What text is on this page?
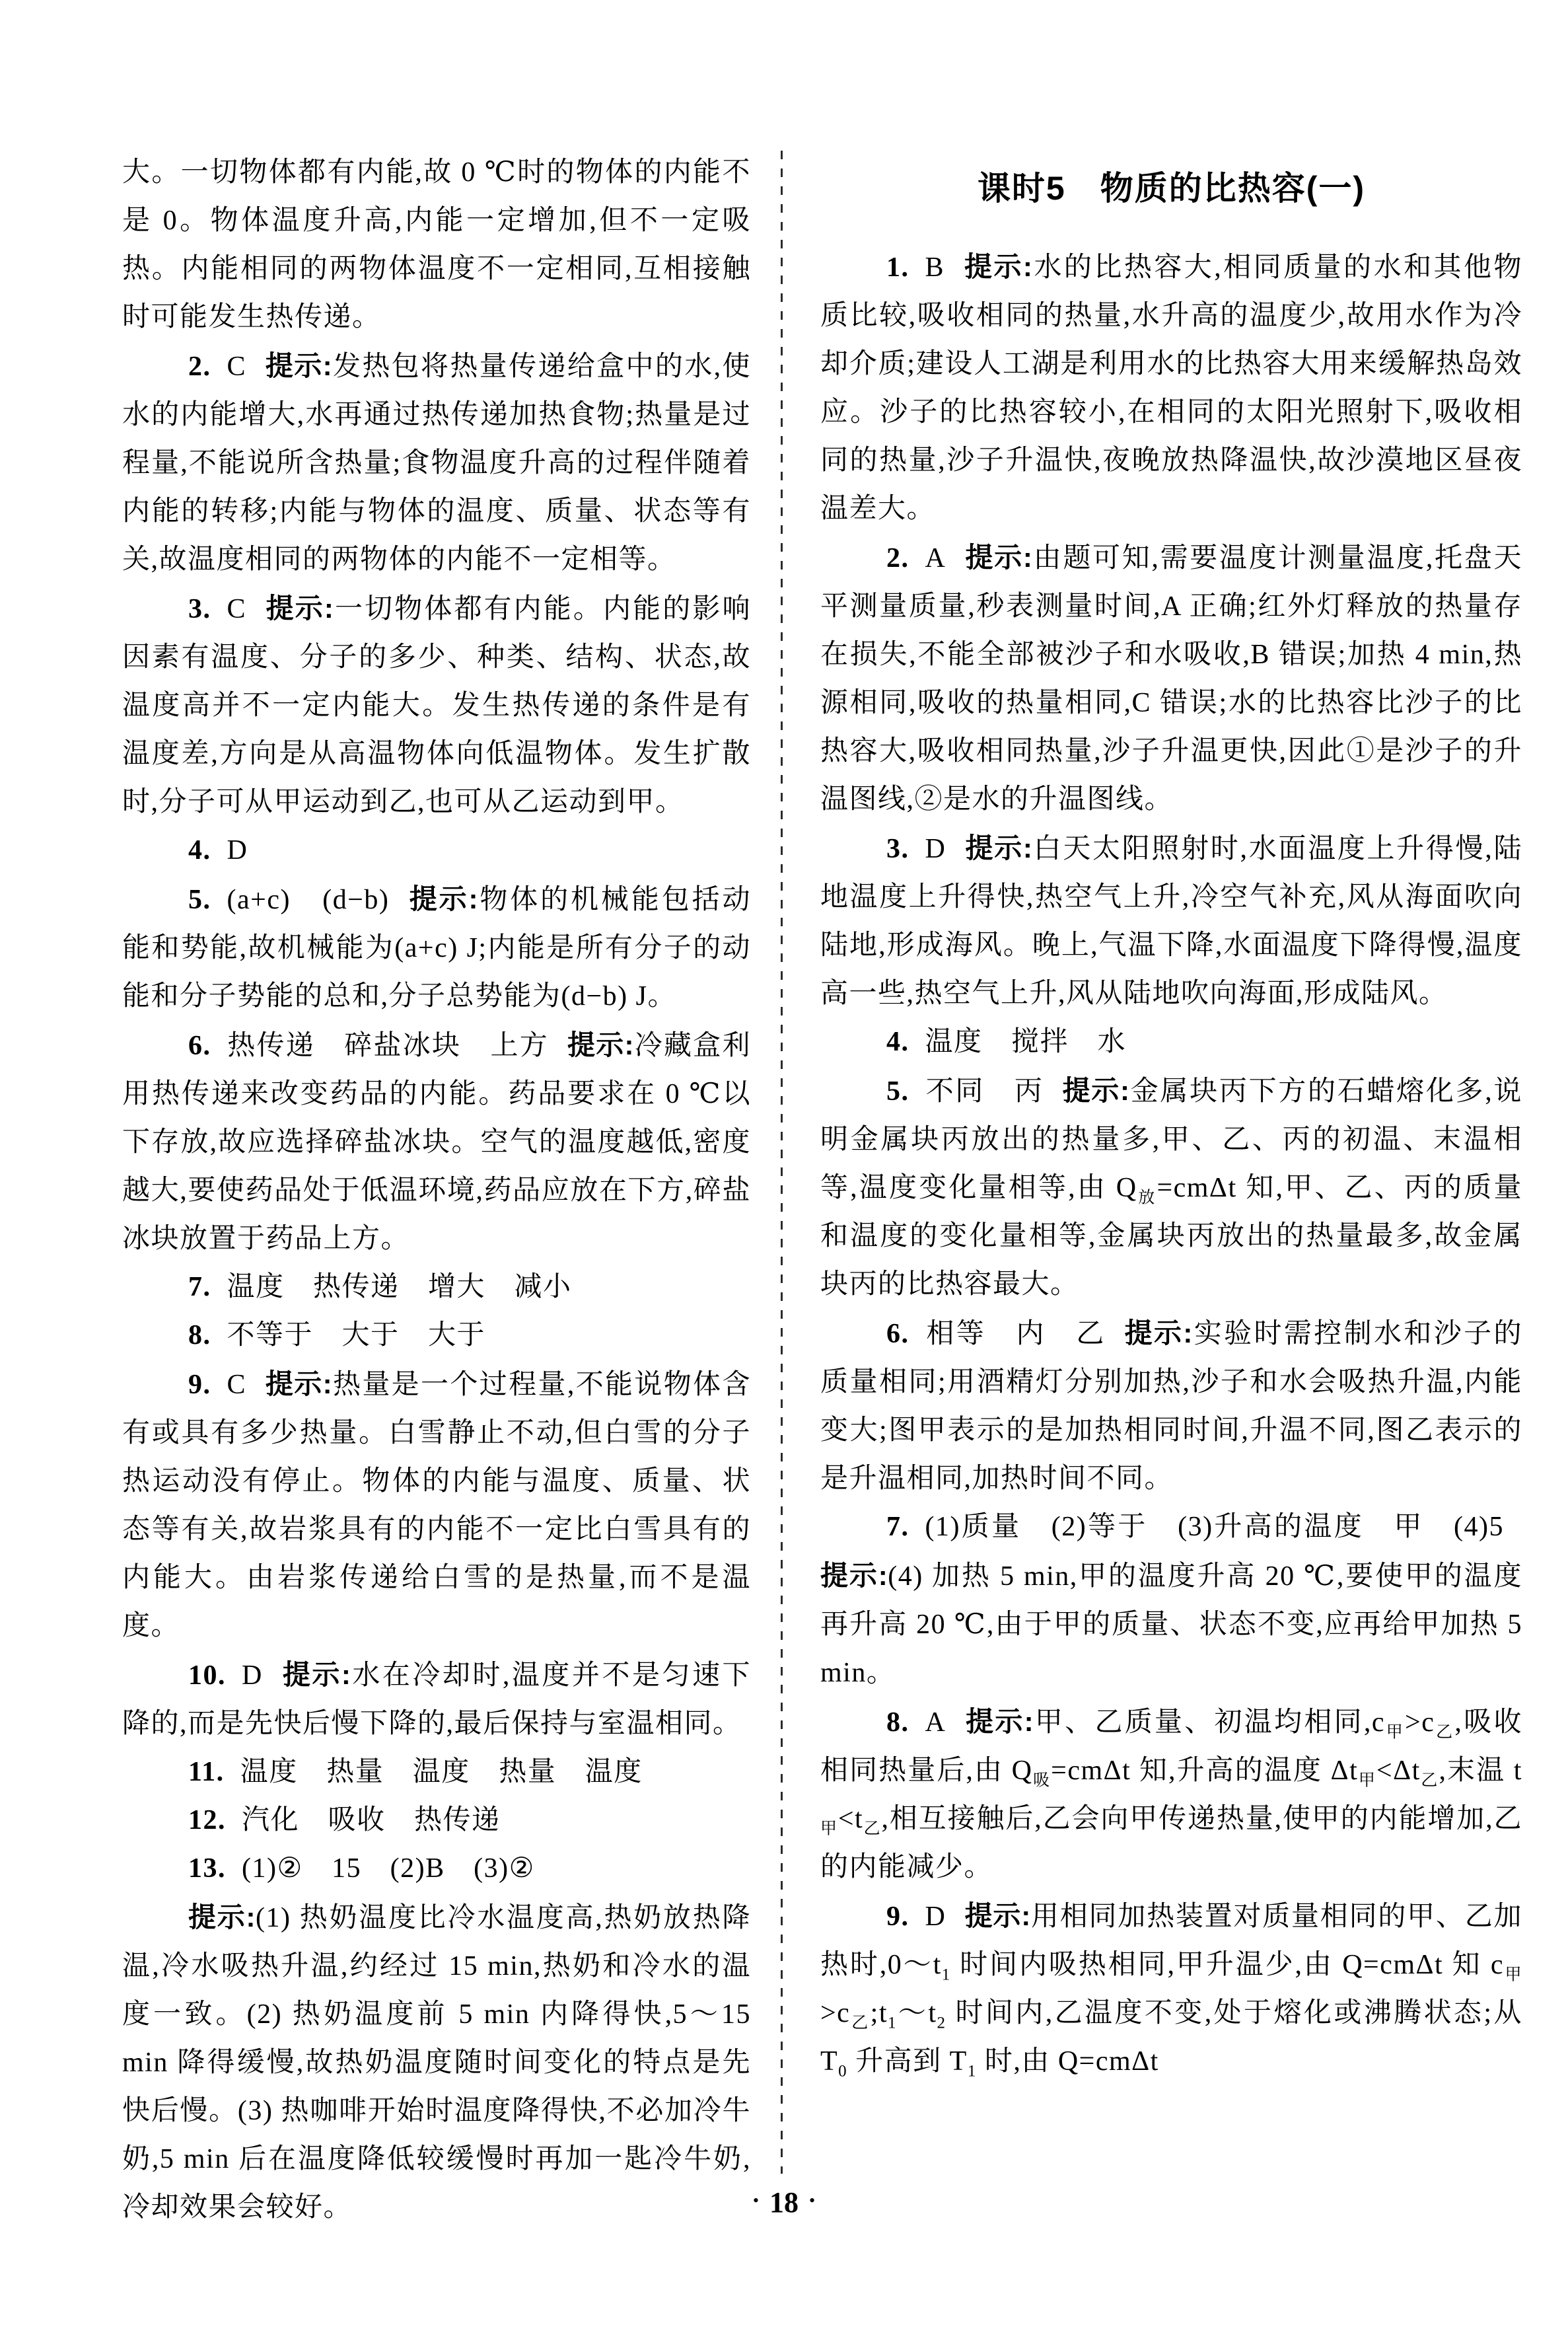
大。一切物体都有内能,故 0 ℃时的物体的内能不是 0。物体温度升高,内能一定增加,但不一定吸热。内能相同的两物体温度不一定相同,互相接触时可能发生热传递。

2. C 提示:发热包将热量传递给盒中的水,使水的内能增大,水再通过热传递加热食物;热量是过程量,不能说所含热量;食物温度升高的过程伴随着内能的转移;内能与物体的温度、质量、状态等有关,故温度相同的两物体的内能不一定相等。

3. C 提示:一切物体都有内能。内能的影响因素有温度、分子的多少、种类、结构、状态,故温度高并不一定内能大。发生热传递的条件是有温度差,方向是从高温物体向低温物体。发生扩散时,分子可从甲运动到乙,也可从乙运动到甲。

4. D

5. (a+c)　(d−b) 提示:物体的机械能包括动能和势能,故机械能为(a+c) J;内能是所有分子的动能和分子势能的总和,分子总势能为(d−b) J。

6. 热传递　碎盐冰块　上方 提示:冷藏盒利用热传递来改变药品的内能。药品要求在 0 ℃以下存放,故应选择碎盐冰块。空气的温度越低,密度越大,要使药品处于低温环境,药品应放在下方,碎盐冰块放置于药品上方。

7. 温度　热传递　增大　减小

8. 不等于　大于　大于

9. C 提示:热量是一个过程量,不能说物体含有或具有多少热量。白雪静止不动,但白雪的分子热运动没有停止。物体的内能与温度、质量、状态等有关,故岩浆具有的内能不一定比白雪具有的内能大。由岩浆传递给白雪的是热量,而不是温度。

10. D 提示:水在冷却时,温度并不是匀速下降的,而是先快后慢下降的,最后保持与室温相同。

11. 温度　热量　温度　热量　温度

12. 汽化　吸收　热传递

13. (1)②　15　(2)B　(3)②

提示:(1) 热奶温度比冷水温度高,热奶放热降温,冷水吸热升温,约经过 15 min,热奶和冷水的温度一致。(2) 热奶温度前 5 min 内降得快,5～15 min 降得缓慢,故热奶温度随时间变化的特点是先快后慢。(3) 热咖啡开始时温度降得快,不必加冷牛奶,5 min 后在温度降低较缓慢时再加一匙冷牛奶,冷却效果会较好。

课时5　物质的比热容(一)

1. B 提示:水的比热容大,相同质量的水和其他物质比较,吸收相同的热量,水升高的温度少,故用水作为冷却介质;建设人工湖是利用水的比热容大用来缓解热岛效应。沙子的比热容较小,在相同的太阳光照射下,吸收相同的热量,沙子升温快,夜晚放热降温快,故沙漠地区昼夜温差大。

2. A 提示:由题可知,需要温度计测量温度,托盘天平测量质量,秒表测量时间,A 正确;红外灯释放的热量存在损失,不能全部被沙子和水吸收,B 错误;加热 4 min,热源相同,吸收的热量相同,C 错误;水的比热容比沙子的比热容大,吸收相同热量,沙子升温更快,因此①是沙子的升温图线,②是水的升温图线。

3. D 提示:白天太阳照射时,水面温度上升得慢,陆地温度上升得快,热空气上升,冷空气补充,风从海面吹向陆地,形成海风。晚上,气温下降,水面温度下降得慢,温度高一些,热空气上升,风从陆地吹向海面,形成陆风。

4. 温度　搅拌　水

5. 不同　丙 提示:金属块丙下方的石蜡熔化多,说明金属块丙放出的热量多,甲、乙、丙的初温、末温相等,温度变化量相等,由 $Q_放=cm\Delta t$ 知,甲、乙、丙的质量和温度的变化量相等,金属块丙放出的热量最多,故金属块丙的比热容最大。

6. 相等　内　乙 提示:实验时需控制水和沙子的质量相同;用酒精灯分别加热,沙子和水会吸热升温,内能变大;图甲表示的是加热相同时间,升温不同,图乙表示的是升温相同,加热时间不同。

7. (1)质量　(2)等于　(3)升高的温度　甲　(4)5提示:(4) 加热 5 min,甲的温度升高 20 ℃,要使甲的温度再升高 20 ℃,由于甲的质量、状态不变,应再给甲加热 5 min。

8. A 提示:甲、乙质量、初温均相同$,c_甲>c_乙$,吸收相同热量后,由 $Q_吸=cm\Delta t$ 知,升高的温度 $\Delta t_甲<\Delta t_乙$,末温 $t_甲<t_乙$,相互接触后,乙会向甲传递热量,使甲的内能增加,乙的内能减少。

9. D 提示:用相同加热装置对质量相同的甲、乙加热时$,0\sim t_1$ 时间内吸热相同,甲升温少,由 Q=cmΔt 知 $c_甲>c_乙;t_1\sim t_2$ 时间内,乙温度不变,处于熔化或沸腾状态;从 $T_0$ 升高到 $T_1$ 时,由 Q=cmΔt

• 18 •
